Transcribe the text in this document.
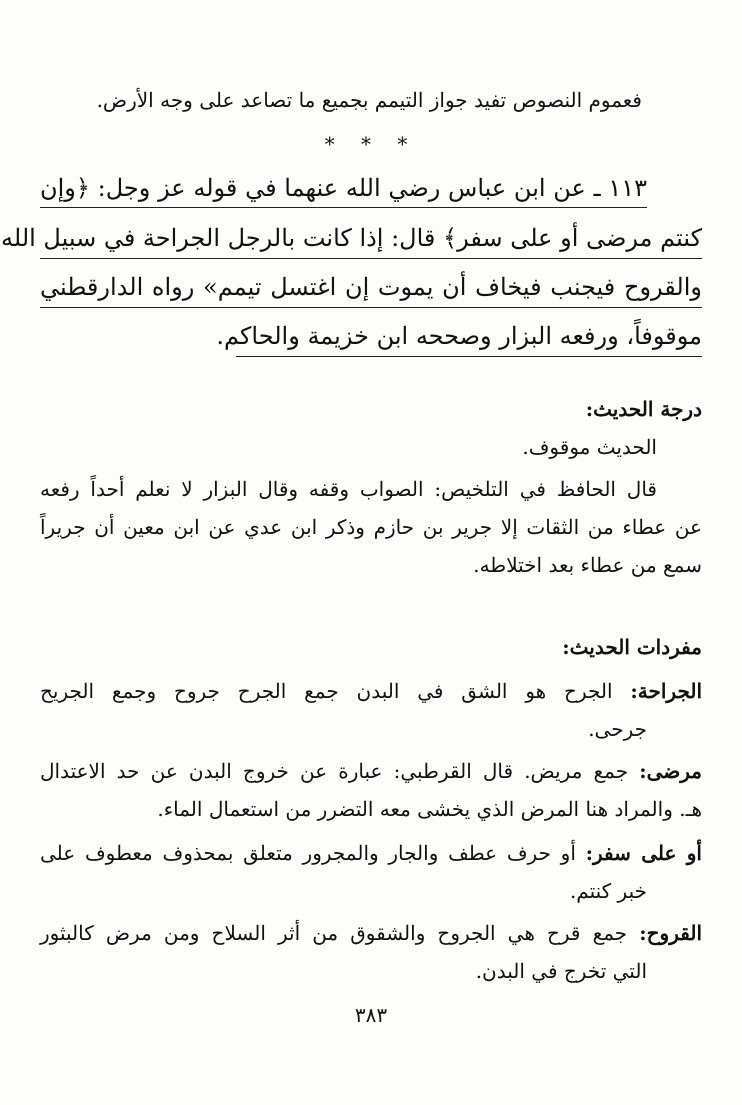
فعموم النصوص تفيد جواز التيمم بجميع ما تصاعد على وجه الأرض.
* * *
١١٣ ـ عن ابن عباس رضي الله عنهما في قوله عز وجل: ﴿وإن
كنتم مرضى أو على سفر﴾ قال: إذا كانت بالرجل الجراحة في سبيل الله
والقروح فيجنب فيخاف أن يموت إن اغتسل تيمم» رواه الدارقطني
موقوفاً، ورفعه البزار وصححه ابن خزيمة والحاكم.
درجة الحديث:
الحديث موقوف.
قال الحافظ في التلخيص: الصواب وقفه وقال البزار لا نعلم أحداً رفعه
عن عطاء من الثقات إلا جرير بن حازم وذكر ابن عدي عن ابن معين أن جريراً
سمع من عطاء بعد اختلاطه.
مفردات الحديث:
الجراحة: الجرح هو الشق في البدن جمع الجرح جروح وجمع الجريح
جرحى.
مرضى: جمع مريض. قال القرطبي: عبارة عن خروج البدن عن حد الاعتدال
هـ. والمراد هنا المرض الذي يخشى معه التضرر من استعمال الماء.
أو على سفر: أو حرف عطف والجار والمجرور متعلق بمحذوف معطوف على
خبر كنتم.
القروح: جمع قرح هي الجروح والشقوق من أثر السلاح ومن مرض كالبثور
التي تخرج في البدن.
٣٨٣
